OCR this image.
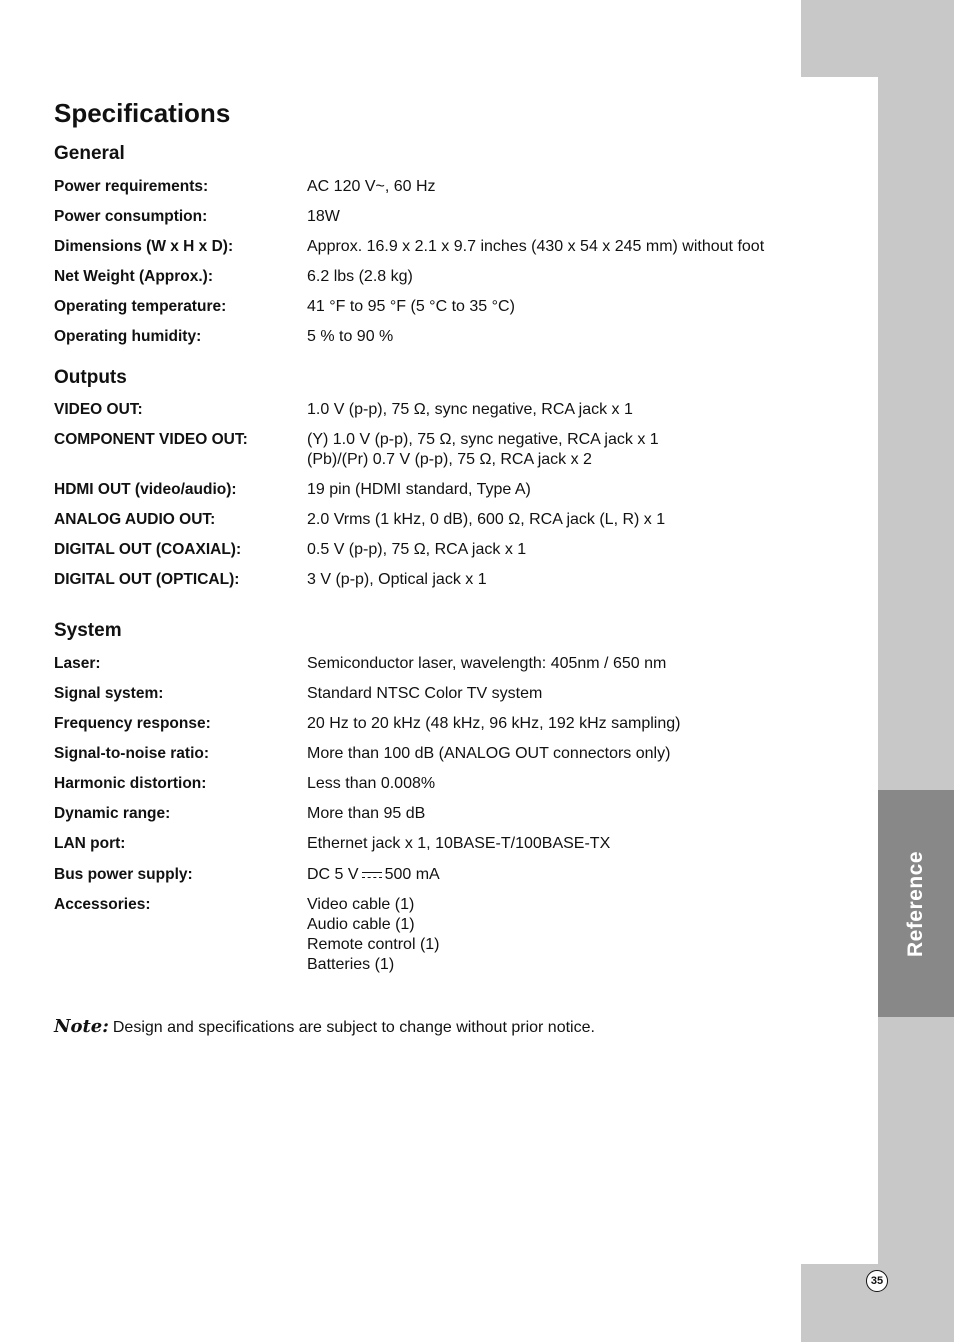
Reference
Specifications
General
Power requirements:	AC 120 V~, 60 Hz
Power consumption:	18W
Dimensions (W x H x D):	Approx. 16.9 x 2.1 x 9.7 inches (430 x 54 x 245 mm) without foot
Net Weight (Approx.):	6.2 lbs (2.8 kg)
Operating temperature:	41 °F to 95 °F (5 °C to 35 °C)
Operating humidity:	5 % to 90 %
Outputs
VIDEO OUT:	1.0 V (p-p), 75 Ω, sync negative, RCA jack x 1
COMPONENT VIDEO OUT:	(Y) 1.0 V (p-p), 75 Ω, sync negative, RCA jack x 1
(Pb)/(Pr) 0.7 V (p-p), 75 Ω, RCA jack x 2
HDMI OUT (video/audio):	19 pin (HDMI standard, Type A)
ANALOG AUDIO OUT:	2.0 Vrms (1 kHz, 0 dB), 600 Ω, RCA jack (L, R) x 1
DIGITAL OUT (COAXIAL):	0.5 V (p-p), 75 Ω, RCA jack x 1
DIGITAL OUT (OPTICAL):	3 V (p-p), Optical jack x 1
System
Laser:	Semiconductor laser, wavelength: 405nm / 650 nm
Signal system:	Standard NTSC Color TV system
Frequency response:	20 Hz to 20 kHz (48 kHz, 96 kHz, 192 kHz sampling)
Signal-to-noise ratio:	More than 100 dB (ANALOG OUT connectors only)
Harmonic distortion:	Less than 0.008%
Dynamic range:	More than 95 dB
LAN port:	Ethernet jack x 1, 10BASE-T/100BASE-TX
Bus power supply:	DC 5 V 500 mA
Accessories:	Video cable (1)
Audio cable (1)
Remote control (1)
Batteries (1)
Note: Design and specifications are subject to change without prior notice.
35
